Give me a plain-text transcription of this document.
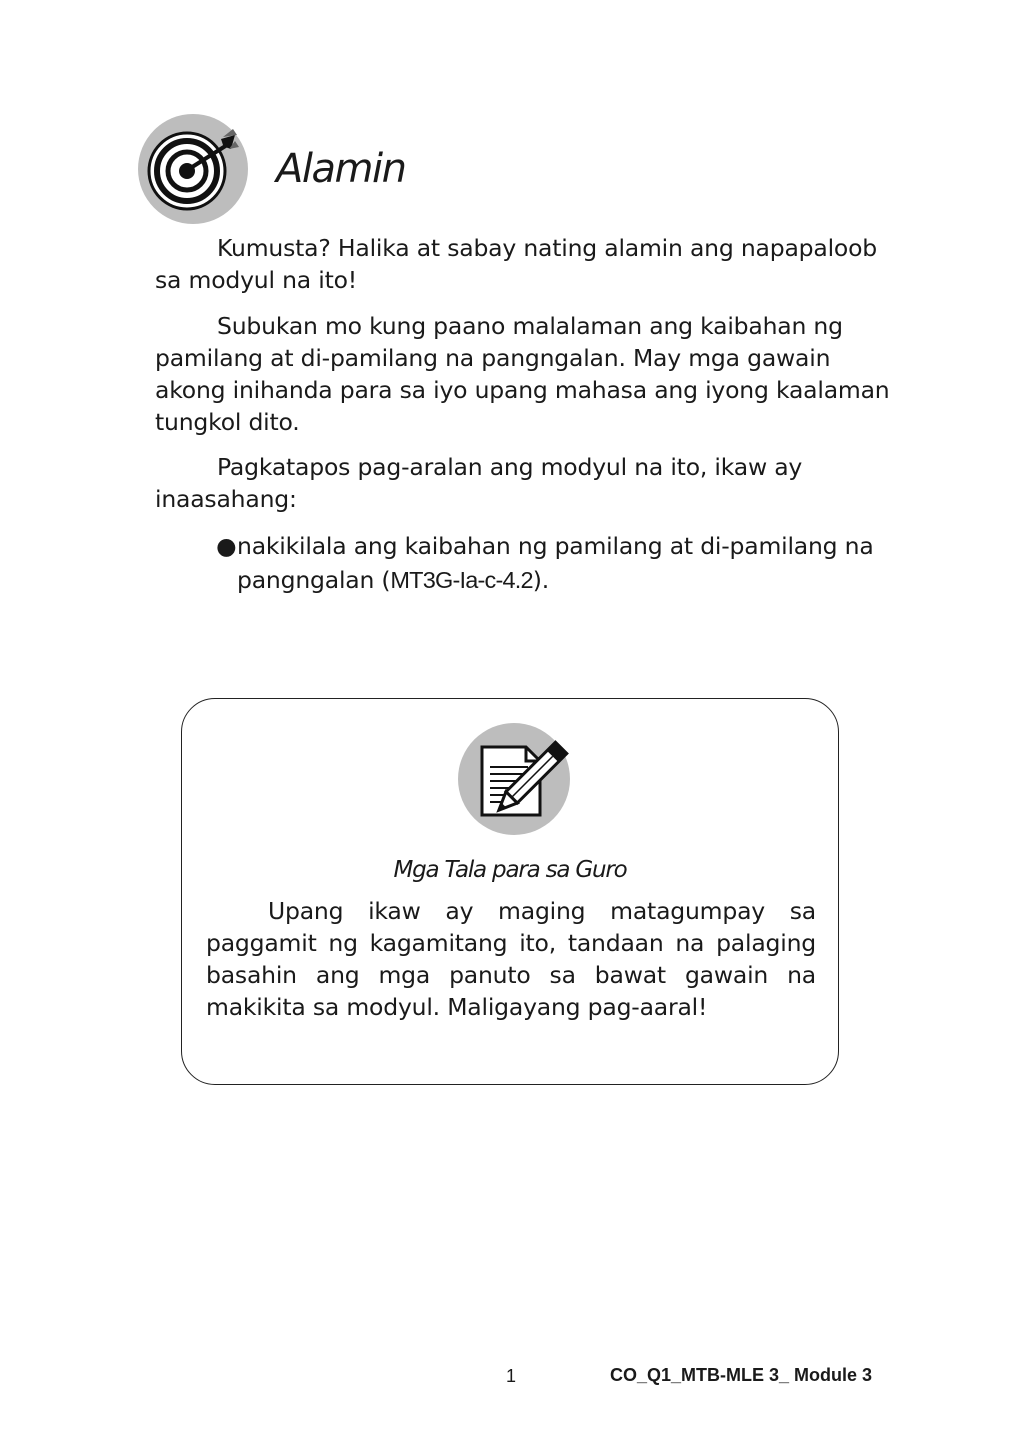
Alamin

Kumusta? Halika at sabay nating alamin ang napapaloob sa modyul na ito!

Subukan mo kung paano malalaman ang kaibahan ng pamilang at di-pamilang na pangngalan. May mga gawain akong inihanda para sa iyo upang mahasa ang iyong kaalaman tungkol dito.

Pagkatapos pag-aralan ang modyul na ito, ikaw ay inaasahang:

● nakikilala ang kaibahan ng pamilang at di-pamilang na pangngalan (MT3G-Ia-c-4.2).
Mga Tala para sa Guro

Upang ikaw ay maging matagumpay sa paggamit ng kagamitang ito, tandaan na palaging basahin ang mga panuto sa bawat gawain na makikita sa modyul. Maligayang pag-aaral!

1	CO_Q1_MTB-MLE 3_ Module 3
